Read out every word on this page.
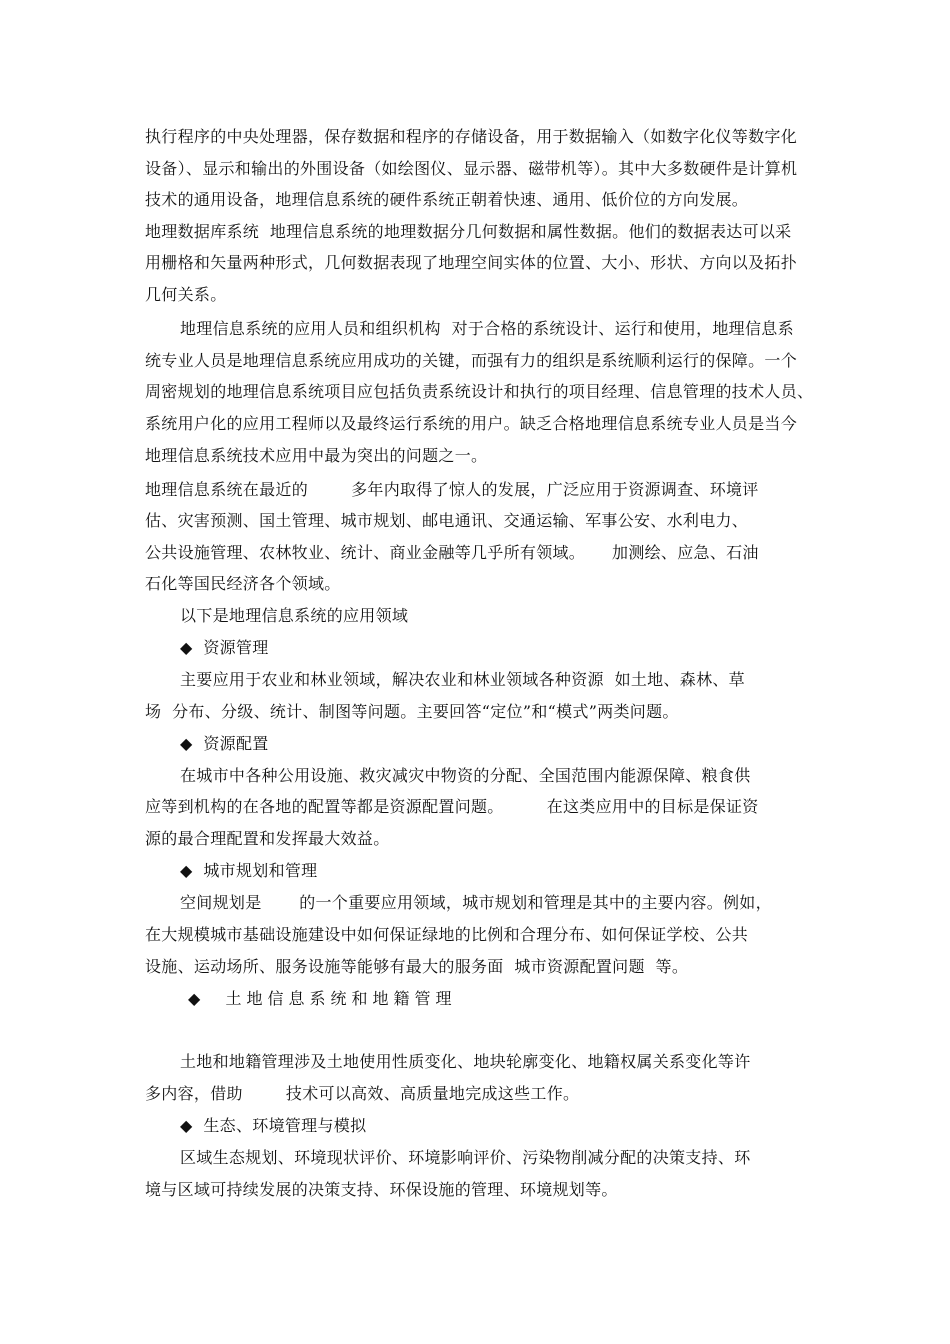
执行程序的中央处理器，保存数据和程序的存储设备，用于数据输入（如数字化仪等数字化
设备）、显示和输出的外围设备（如绘图仪、显示器、磁带机等）。其中大多数硬件是计算机
技术的通用设备，地理信息系统的硬件系统正朝着快速、通用、低价位的方向发展。
地理数据库系统  地理信息系统的地理数据分几何数据和属性数据。他们的数据表达可以采
用栅格和矢量两种形式，几何数据表现了地理空间实体的位置、大小、形状、方向以及拓扑
几何关系。
地理信息系统的应用人员和组织机构  对于合格的系统设计、运行和使用，地理信息系
统专业人员是地理信息系统应用成功的关键，而强有力的组织是系统顺利运行的保障。一个
周密规划的地理信息系统项目应包括负责系统设计和执行的项目经理、信息管理的技术人员、
系统用户化的应用工程师以及最终运行系统的用户。缺乏合格地理信息系统专业人员是当今
地理信息系统技术应用中最为突出的问题之一。
地理信息系统在最近的        多年内取得了惊人的发展，广泛应用于资源调查、环境评
估、灾害预测、国土管理、城市规划、邮电通讯、交通运输、军事公安、水利电力、
公共设施管理、农林牧业、统计、商业金融等几乎所有领域。     加测绘、应急、石油
石化等国民经济各个领域。
以下是地理信息系统的应用领域
◆  资源管理
主要应用于农业和林业领域，解决农业和林业领域各种资源  如土地、森林、草
场  分布、分级、统计、制图等问题。主要回答“定位”和“模式”两类问题。
◆  资源配置
在城市中各种公用设施、救灾减灾中物资的分配、全国范围内能源保障、粮食供
应等到机构的在各地的配置等都是资源配置问题。        在这类应用中的目标是保证资
源的最合理配置和发挥最大效益。
◆  城市规划和管理
空间规划是       的一个重要应用领域，城市规划和管理是其中的主要内容。例如，
在大规模城市基础设施建设中如何保证绿地的比例和合理分布、如何保证学校、公共
设施、运动场所、服务设施等能够有最大的服务面  城市资源配置问题  等。
◆  土地信息系统和地籍管理
土地和地籍管理涉及土地使用性质变化、地块轮廓变化、地籍权属关系变化等许
多内容，借助        技术可以高效、高质量地完成这些工作。
◆  生态、环境管理与模拟
区域生态规划、环境现状评价、环境影响评价、污染物削减分配的决策支持、环
境与区域可持续发展的决策支持、环保设施的管理、环境规划等。
